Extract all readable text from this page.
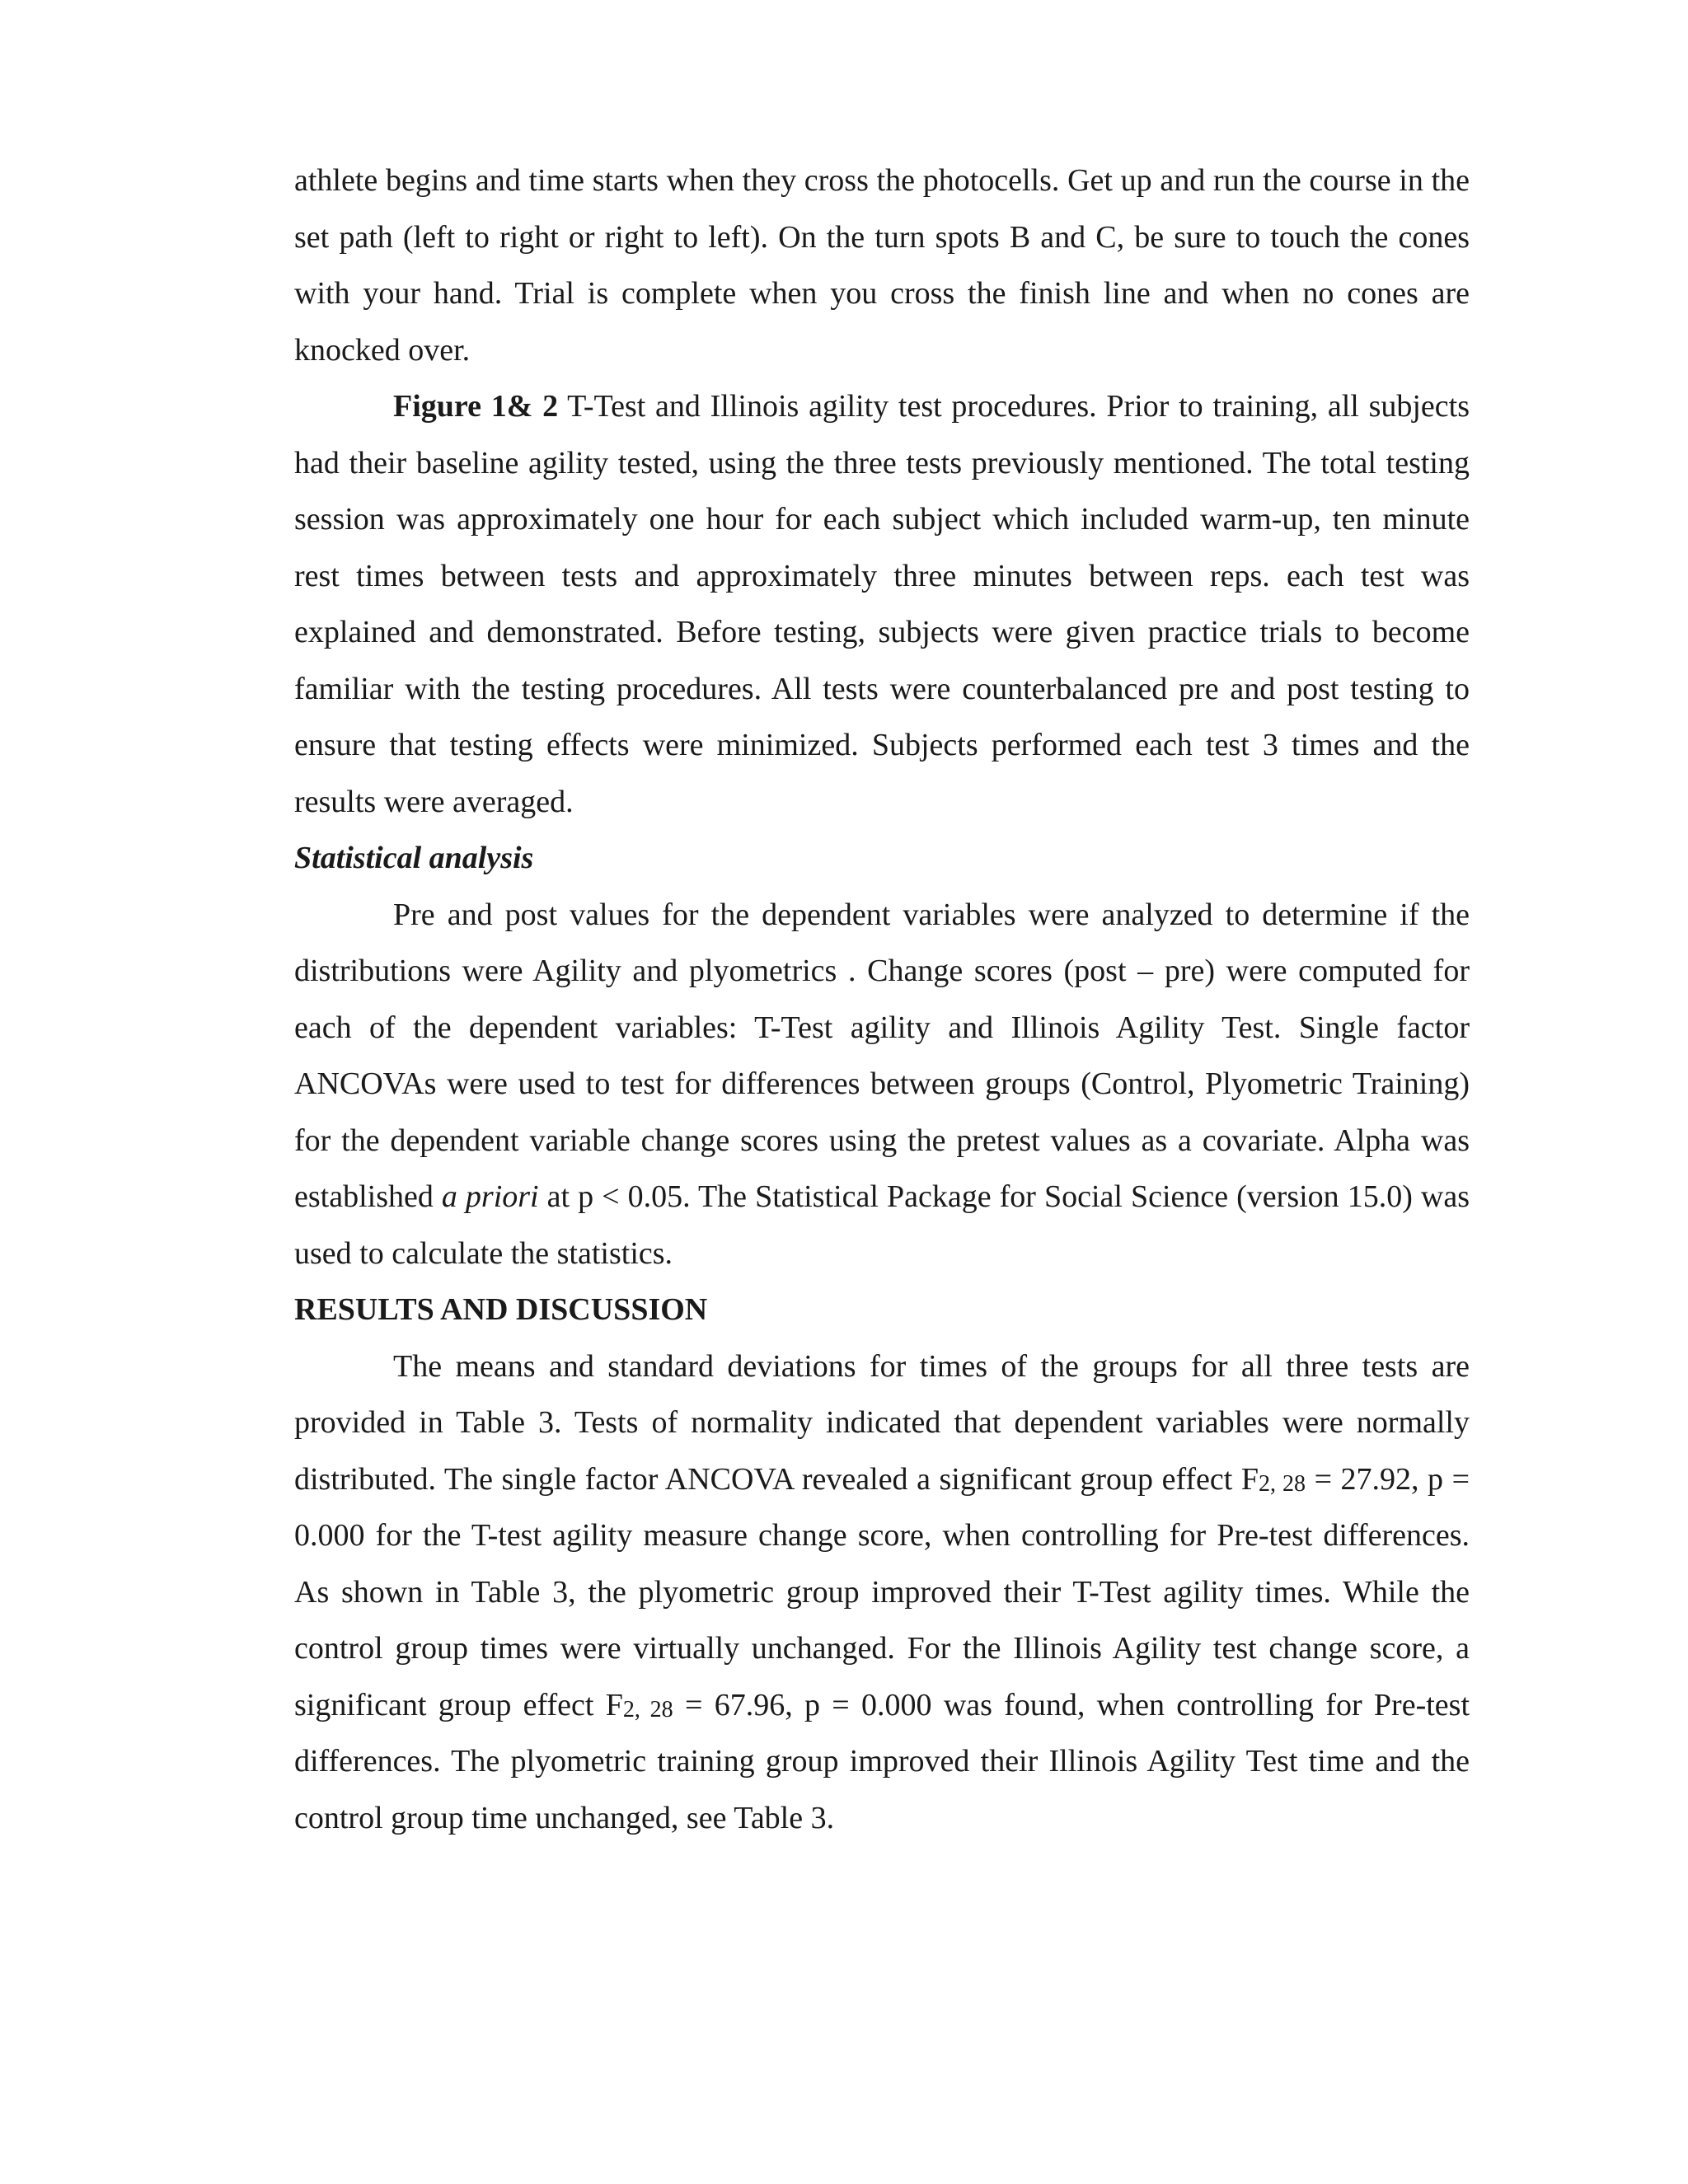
athlete begins and time starts when they cross the photocells. Get up and run the course in the set path (left to right or right to left). On the turn spots B and C, be sure to touch the cones with your hand. Trial is complete when you cross the finish line and when no cones are knocked over.

Figure 1& 2 T-Test and Illinois agility test procedures. Prior to training, all subjects had their baseline agility tested, using the three tests previously mentioned. The total testing session was approximately one hour for each subject which included warm-up, ten minute rest times between tests and approximately three minutes between reps. each test was explained and demonstrated. Before testing, subjects were given practice trials to become familiar with the testing procedures. All tests were counterbalanced pre and post testing to ensure that testing effects were minimized. Subjects performed each test 3 times and the results were averaged.

Statistical analysis

Pre and post values for the dependent variables were analyzed to determine if the distributions were Agility and plyometrics . Change scores (post – pre) were computed for each of the dependent variables: T-Test agility and Illinois Agility Test. Single factor ANCOVAs were used to test for differences between groups (Control, Plyometric Training) for the dependent variable change scores using the pretest values as a covariate. Alpha was established a priori at p < 0.05. The Statistical Package for Social Science (version 15.0) was used to calculate the statistics.

RESULTS AND DISCUSSION

The means and standard deviations for times of the groups for all three tests are provided in Table 3. Tests of normality indicated that dependent variables were normally distributed. The single factor ANCOVA revealed a significant group effect $F_{2, 28} = 27.92$, p = 0.000 for the T-test agility measure change score, when controlling for Pre-test differences. As shown in Table 3, the plyometric group improved their T-Test agility times. While the control group times were virtually unchanged. For the Illinois Agility test change score, a significant group effect $F_{2, 28} = 67.96$, p = 0.000 was found, when controlling for Pre-test differences. The plyometric training group improved their Illinois Agility Test time and the control group time unchanged, see Table 3.
